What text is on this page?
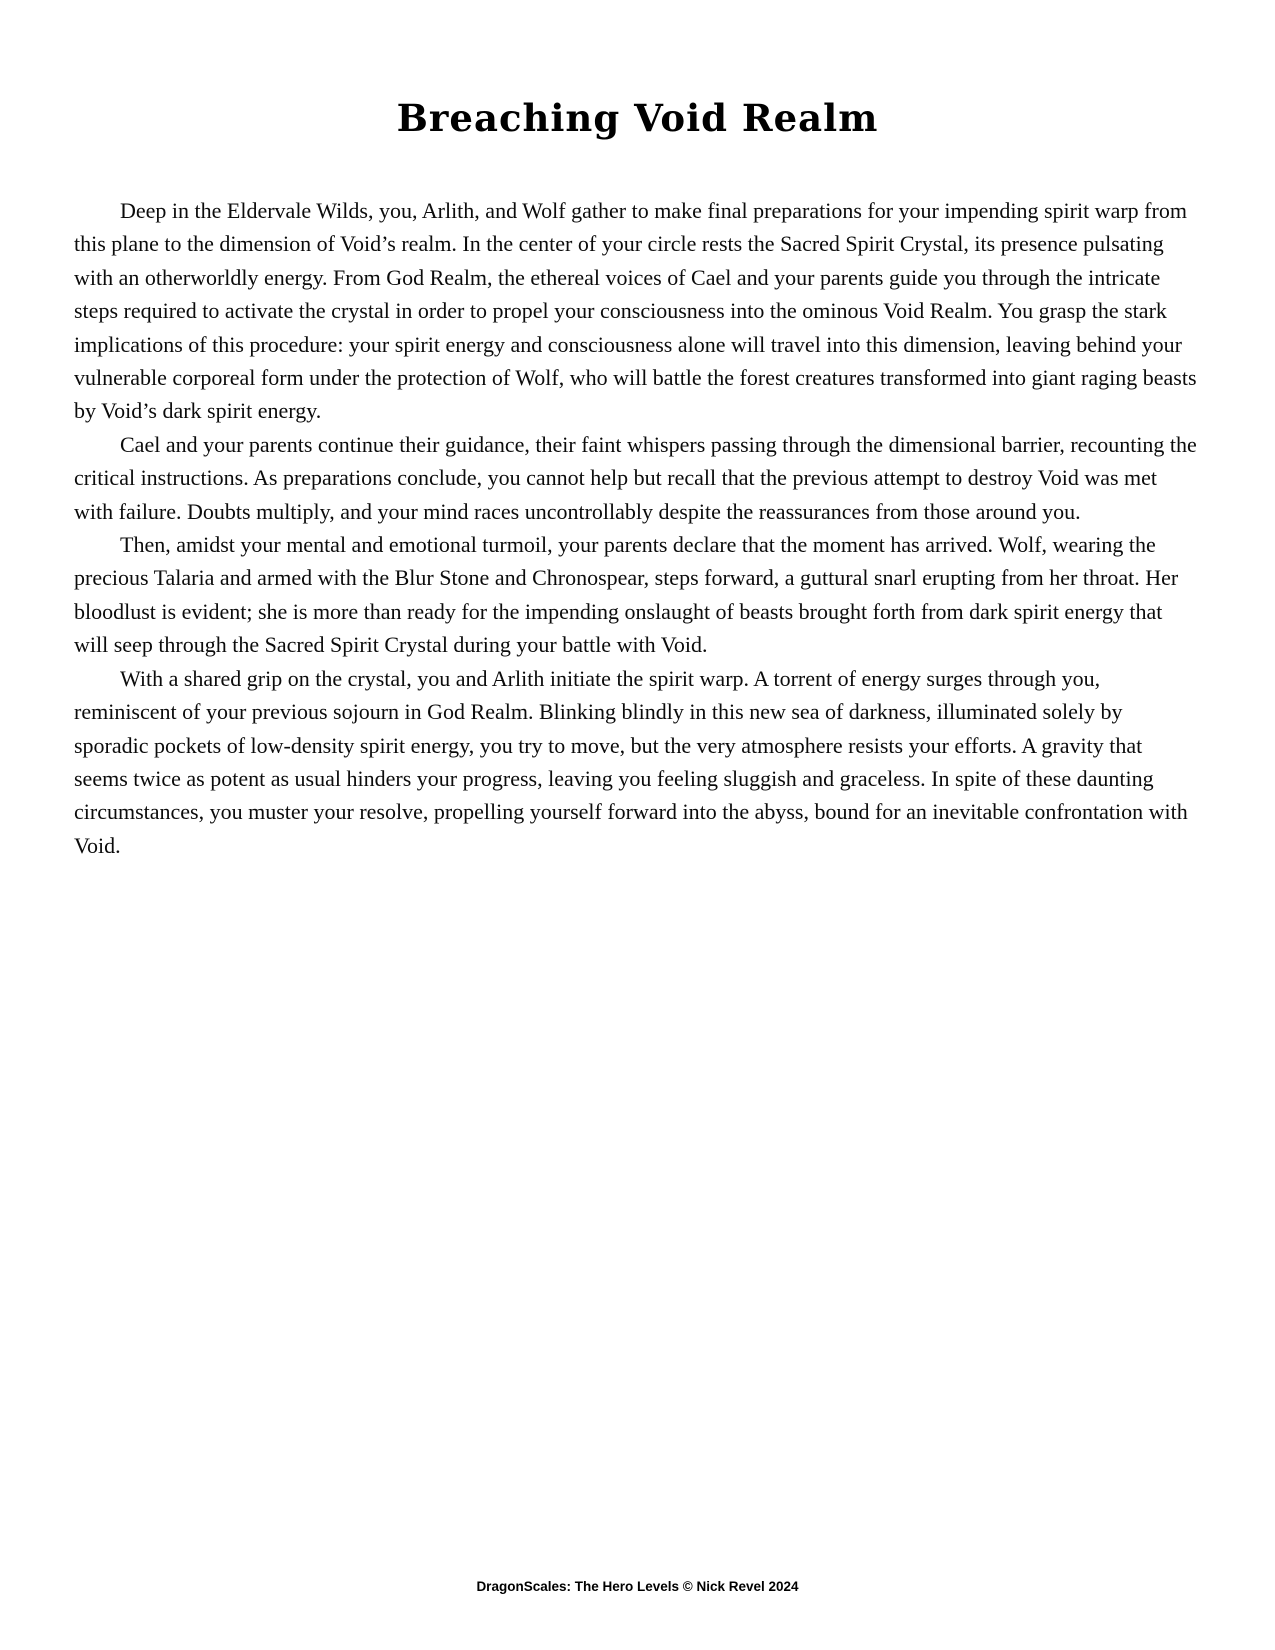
Breaching Void Realm

Deep in the Eldervale Wilds, you, Arlith, and Wolf gather to make final preparations for your impending spirit warp from this plane to the dimension of Void’s realm. In the center of your circle rests the Sacred Spirit Crystal, its presence pulsating with an otherworldly energy. From God Realm, the ethereal voices of Cael and your parents guide you through the intricate steps required to activate the crystal in order to propel your consciousness into the ominous Void Realm. You grasp the stark implications of this procedure: your spirit energy and consciousness alone will travel into this dimension, leaving behind your vulnerable corporeal form under the protection of Wolf, who will battle the forest creatures transformed into giant raging beasts by Void’s dark spirit energy.

Cael and your parents continue their guidance, their faint whispers passing through the dimensional barrier, recounting the critical instructions. As preparations conclude, you cannot help but recall that the previous attempt to destroy Void was met with failure. Doubts multiply, and your mind races uncontrollably despite the reassurances from those around you.

Then, amidst your mental and emotional turmoil, your parents declare that the moment has arrived. Wolf, wearing the precious Talaria and armed with the Blur Stone and Chronospear, steps forward, a guttural snarl erupting from her throat. Her bloodlust is evident; she is more than ready for the impending onslaught of beasts brought forth from dark spirit energy that will seep through the Sacred Spirit Crystal during your battle with Void.

With a shared grip on the crystal, you and Arlith initiate the spirit warp. A torrent of energy surges through you, reminiscent of your previous sojourn in God Realm. Blinking blindly in this new sea of darkness, illuminated solely by sporadic pockets of low-density spirit energy, you try to move, but the very atmosphere resists your efforts. A gravity that seems twice as potent as usual hinders your progress, leaving you feeling sluggish and graceless. In spite of these daunting circumstances, you muster your resolve, propelling yourself forward into the abyss, bound for an inevitable confrontation with Void.

DragonScales: The Hero Levels © Nick Revel 2024
